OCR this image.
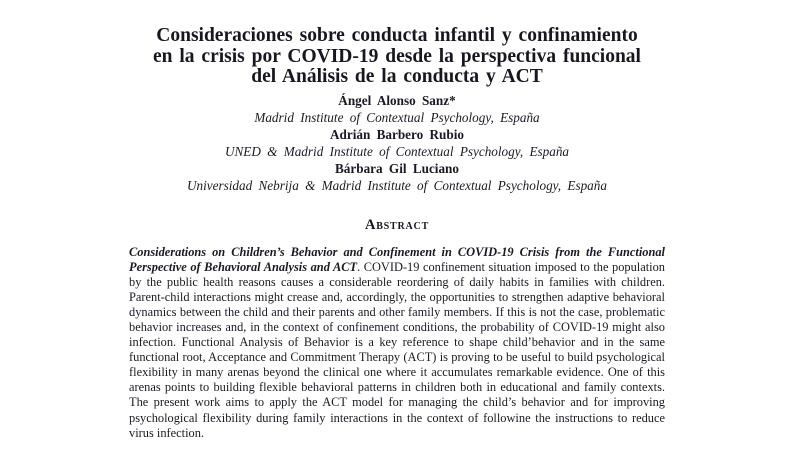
Consideraciones sobre conducta infantil y confinamiento
en la crisis por COVID-19 desde la perspectiva funcional
del Análisis de la conducta y ACT
Ángel Alonso Sanz*
Madrid Institute of Contextual Psychology, España
Adrián Barbero Rubio
UNED & Madrid Institute of Contextual Psychology, España
Bárbara Gil Luciano
Universidad Nebrija & Madrid Institute of Contextual Psychology, España
Abstract

Considerations on Children’s Behavior and Confinement in COVID-19 Crisis from the Functional Perspective of Behavioral Analysis and ACT. COVID-19 confinement situation imposed to the population by the public health reasons causes a considerable reordering of daily habits in families with children. Parent-child interactions might crease and, accordingly, the opportunities to strengthen adaptive behavioral dynamics between the child and their parents and other family members. If this is not the case, problematic behavior increases and, in the context of confinement conditions, the probability of COVID-19 might also infection. Functional Analysis of Behavior is a key reference to shape child’behavior and in the same functional root, Acceptance and Commitment Therapy (ACT) is proving to be useful to build psychological flexibility in many arenas beyond the clinical one where it accumulates remarkable evidence. One of this arenas points to building flexible behavioral patterns in children both in educational and family contexts. The present work aims to apply the ACT model for managing the child’s behavior and for improving psychological flexibility during family interactions in the context of followine the instructions to reduce virus infection.
